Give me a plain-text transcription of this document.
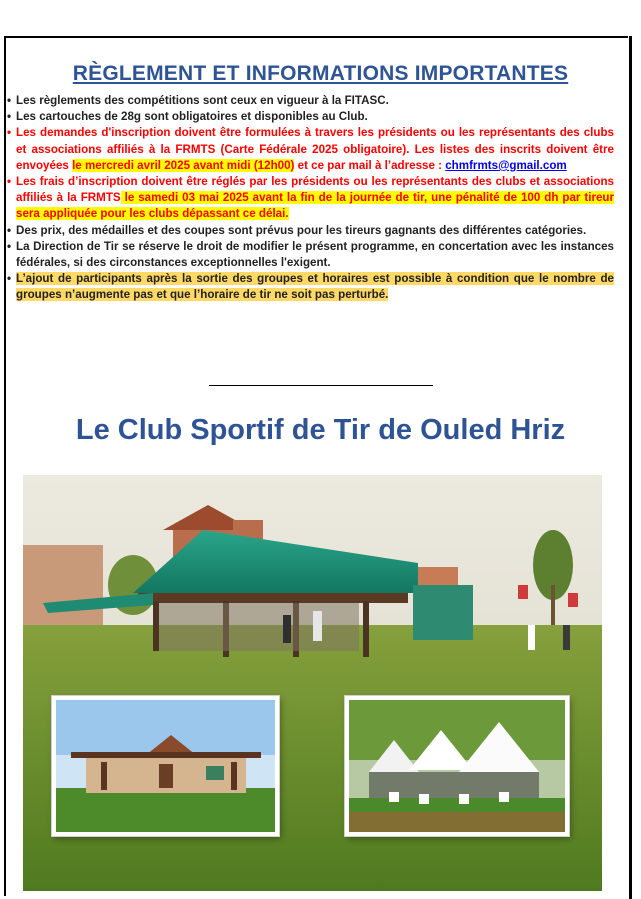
RÈGLEMENT ET INFORMATIONS IMPORTANTES
• Les règlements des compétitions sont ceux en vigueur à la FITASC.
• Les cartouches de 28g sont obligatoires et disponibles au Club.
• Les demandes d'inscription doivent être formulées à travers les présidents ou les représentants des clubs et associations affiliés à la FRMTS (Carte Fédérale 2025 obligatoire). Les listes des inscrits doivent être envoyées le mercredi avril 2025 avant midi (12h00) et ce par mail à l’adresse : chmfrmts@gmail.com
• Les frais d’inscription doivent être réglés par les présidents ou les représentants des clubs et associations affiliés à la FRMTS le samedi 03 mai 2025 avant la fin de la journée de tir, une pénalité de 100 dh par tireur sera appliquée pour les clubs dépassant ce délai.
• Des prix, des médailles et des coupes sont prévus pour les tireurs gagnants des différentes catégories.
• La Direction de Tir se réserve le droit de modifier le présent programme, en concertation avec les instances fédérales, si des circonstances exceptionnelles l'exigent.
• L’ajout de participants après la sortie des groupes et horaires est possible à condition que le nombre de groupes n’augmente pas et que l’horaire de tir ne soit pas perturbé.
Le Club Sportif de Tir de Ouled Hriz
